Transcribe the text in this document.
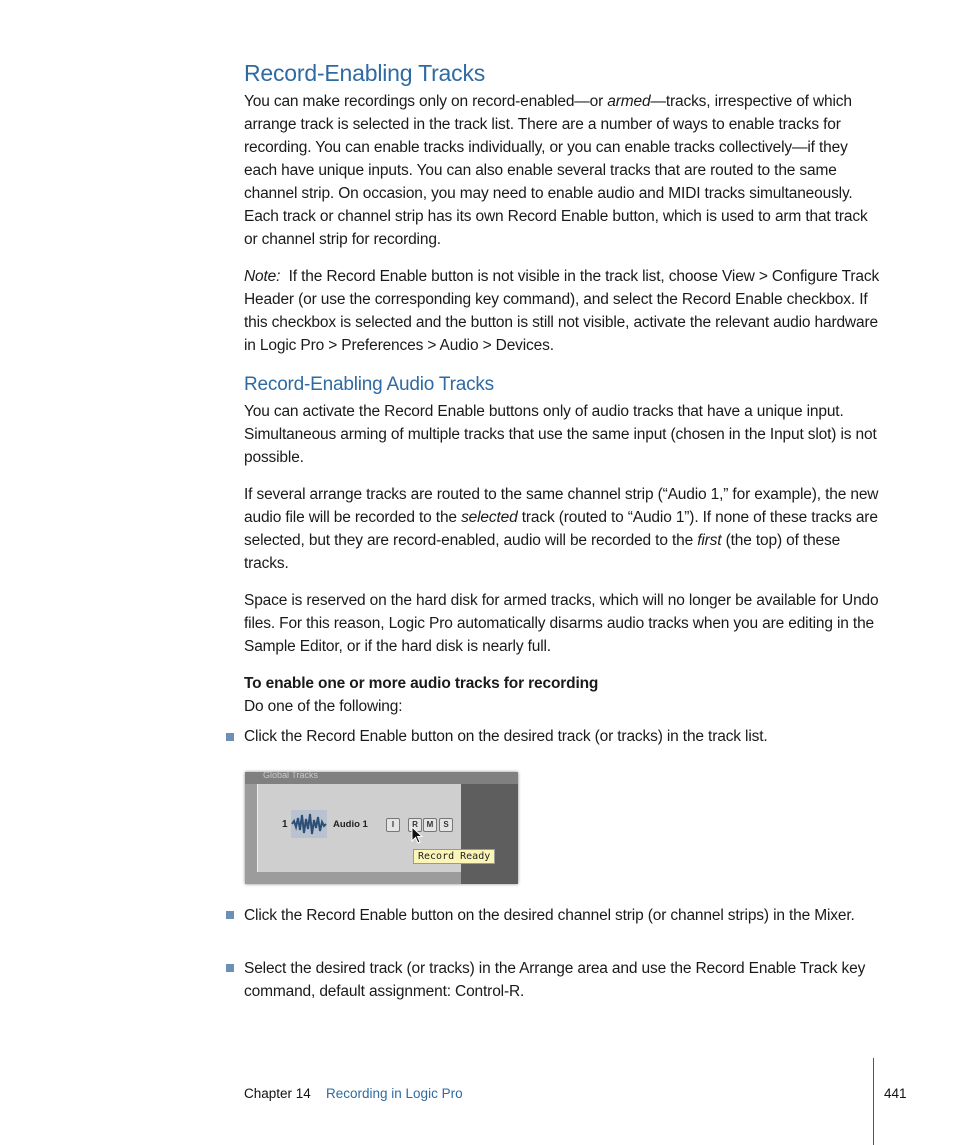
Record-Enabling Tracks

You can make recordings only on record-enabled—or armed—tracks, irrespective of which arrange track is selected in the track list. There are a number of ways to enable tracks for recording. You can enable tracks individually, or you can enable tracks collectively—if they each have unique inputs. You can also enable several tracks that are routed to the same channel strip. On occasion, you may need to enable audio and MIDI tracks simultaneously. Each track or channel strip has its own Record Enable button, which is used to arm that track or channel strip for recording.

Note:  If the Record Enable button is not visible in the track list, choose View > Configure Track Header (or use the corresponding key command), and select the Record Enable checkbox. If this checkbox is selected and the button is still not visible, activate the relevant audio hardware in Logic Pro > Preferences > Audio > Devices.

Record-Enabling Audio Tracks

You can activate the Record Enable buttons only of audio tracks that have a unique input. Simultaneous arming of multiple tracks that use the same input (chosen in the Input slot) is not possible.

If several arrange tracks are routed to the same channel strip (“Audio 1,” for example), the new audio file will be recorded to the selected track (routed to “Audio 1”). If none of these tracks are selected, but they are record-enabled, audio will be recorded to the first (the top) of these tracks.

Space is reserved on the hard disk for armed tracks, which will no longer be available for Undo files. For this reason, Logic Pro automatically disarms audio tracks when you are editing in the Sample Editor, or if the hard disk is nearly full.

To enable one or more audio tracks for recording

Do one of the following:

Click the Record Enable button on the desired track (or tracks) in the track list.
Global Tracks
1	Audio 1	I	R	M	S
Record Ready
Click the Record Enable button on the desired channel strip (or channel strips) in the Mixer.
Select the desired track (or tracks) in the Arrange area and use the Record Enable Track key command, default assignment: Control-R.
Chapter 14 Recording in Logic Pro	441
